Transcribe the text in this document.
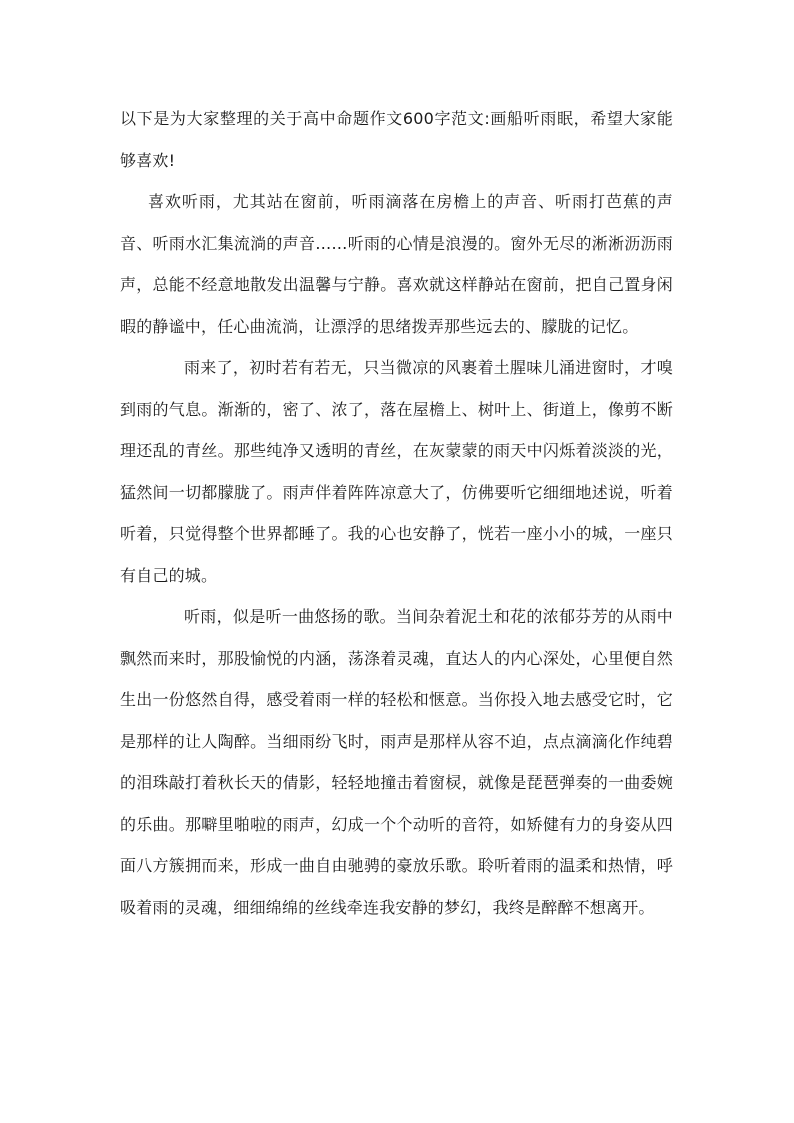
以下是为大家整理的关于高中命题作文600字范文:画船听雨眠，希望大家能够喜欢!

喜欢听雨，尤其站在窗前，听雨滴落在房檐上的声音、听雨打芭蕉的声音、听雨水汇集流淌的声音……听雨的心情是浪漫的。窗外无尽的淅淅沥沥雨声，总能不经意地散发出温馨与宁静。喜欢就这样静站在窗前，把自己置身闲暇的静谧中，任心曲流淌，让漂浮的思绪拨弄那些远去的、朦胧的记忆。

雨来了，初时若有若无，只当微凉的风裹着土腥味儿涌进窗时，才嗅到雨的气息。渐渐的，密了、浓了，落在屋檐上、树叶上、街道上，像剪不断理还乱的青丝。那些纯净又透明的青丝，在灰蒙蒙的雨天中闪烁着淡淡的光，猛然间一切都朦胧了。雨声伴着阵阵凉意大了，仿佛要听它细细地述说，听着听着，只觉得整个世界都睡了。我的心也安静了，恍若一座小小的城，一座只有自己的城。

听雨，似是听一曲悠扬的歌。当间杂着泥土和花的浓郁芬芳的从雨中飘然而来时，那股愉悦的内涵，荡涤着灵魂，直达人的内心深处，心里便自然生出一份悠然自得，感受着雨一样的轻松和惬意。当你投入地去感受它时，它是那样的让人陶醉。当细雨纷飞时，雨声是那样从容不迫，点点滴滴化作纯碧的泪珠敲打着秋长天的倩影，轻轻地撞击着窗棂，就像是琵琶弹奏的一曲委婉的乐曲。那噼里啪啦的雨声，幻成一个个动听的音符，如矫健有力的身姿从四面八方簇拥而来，形成一曲自由驰骋的豪放乐歌。聆听着雨的温柔和热情，呼吸着雨的灵魂，细细绵绵的丝线牵连我安静的梦幻，我终是醉醉不想离开。
